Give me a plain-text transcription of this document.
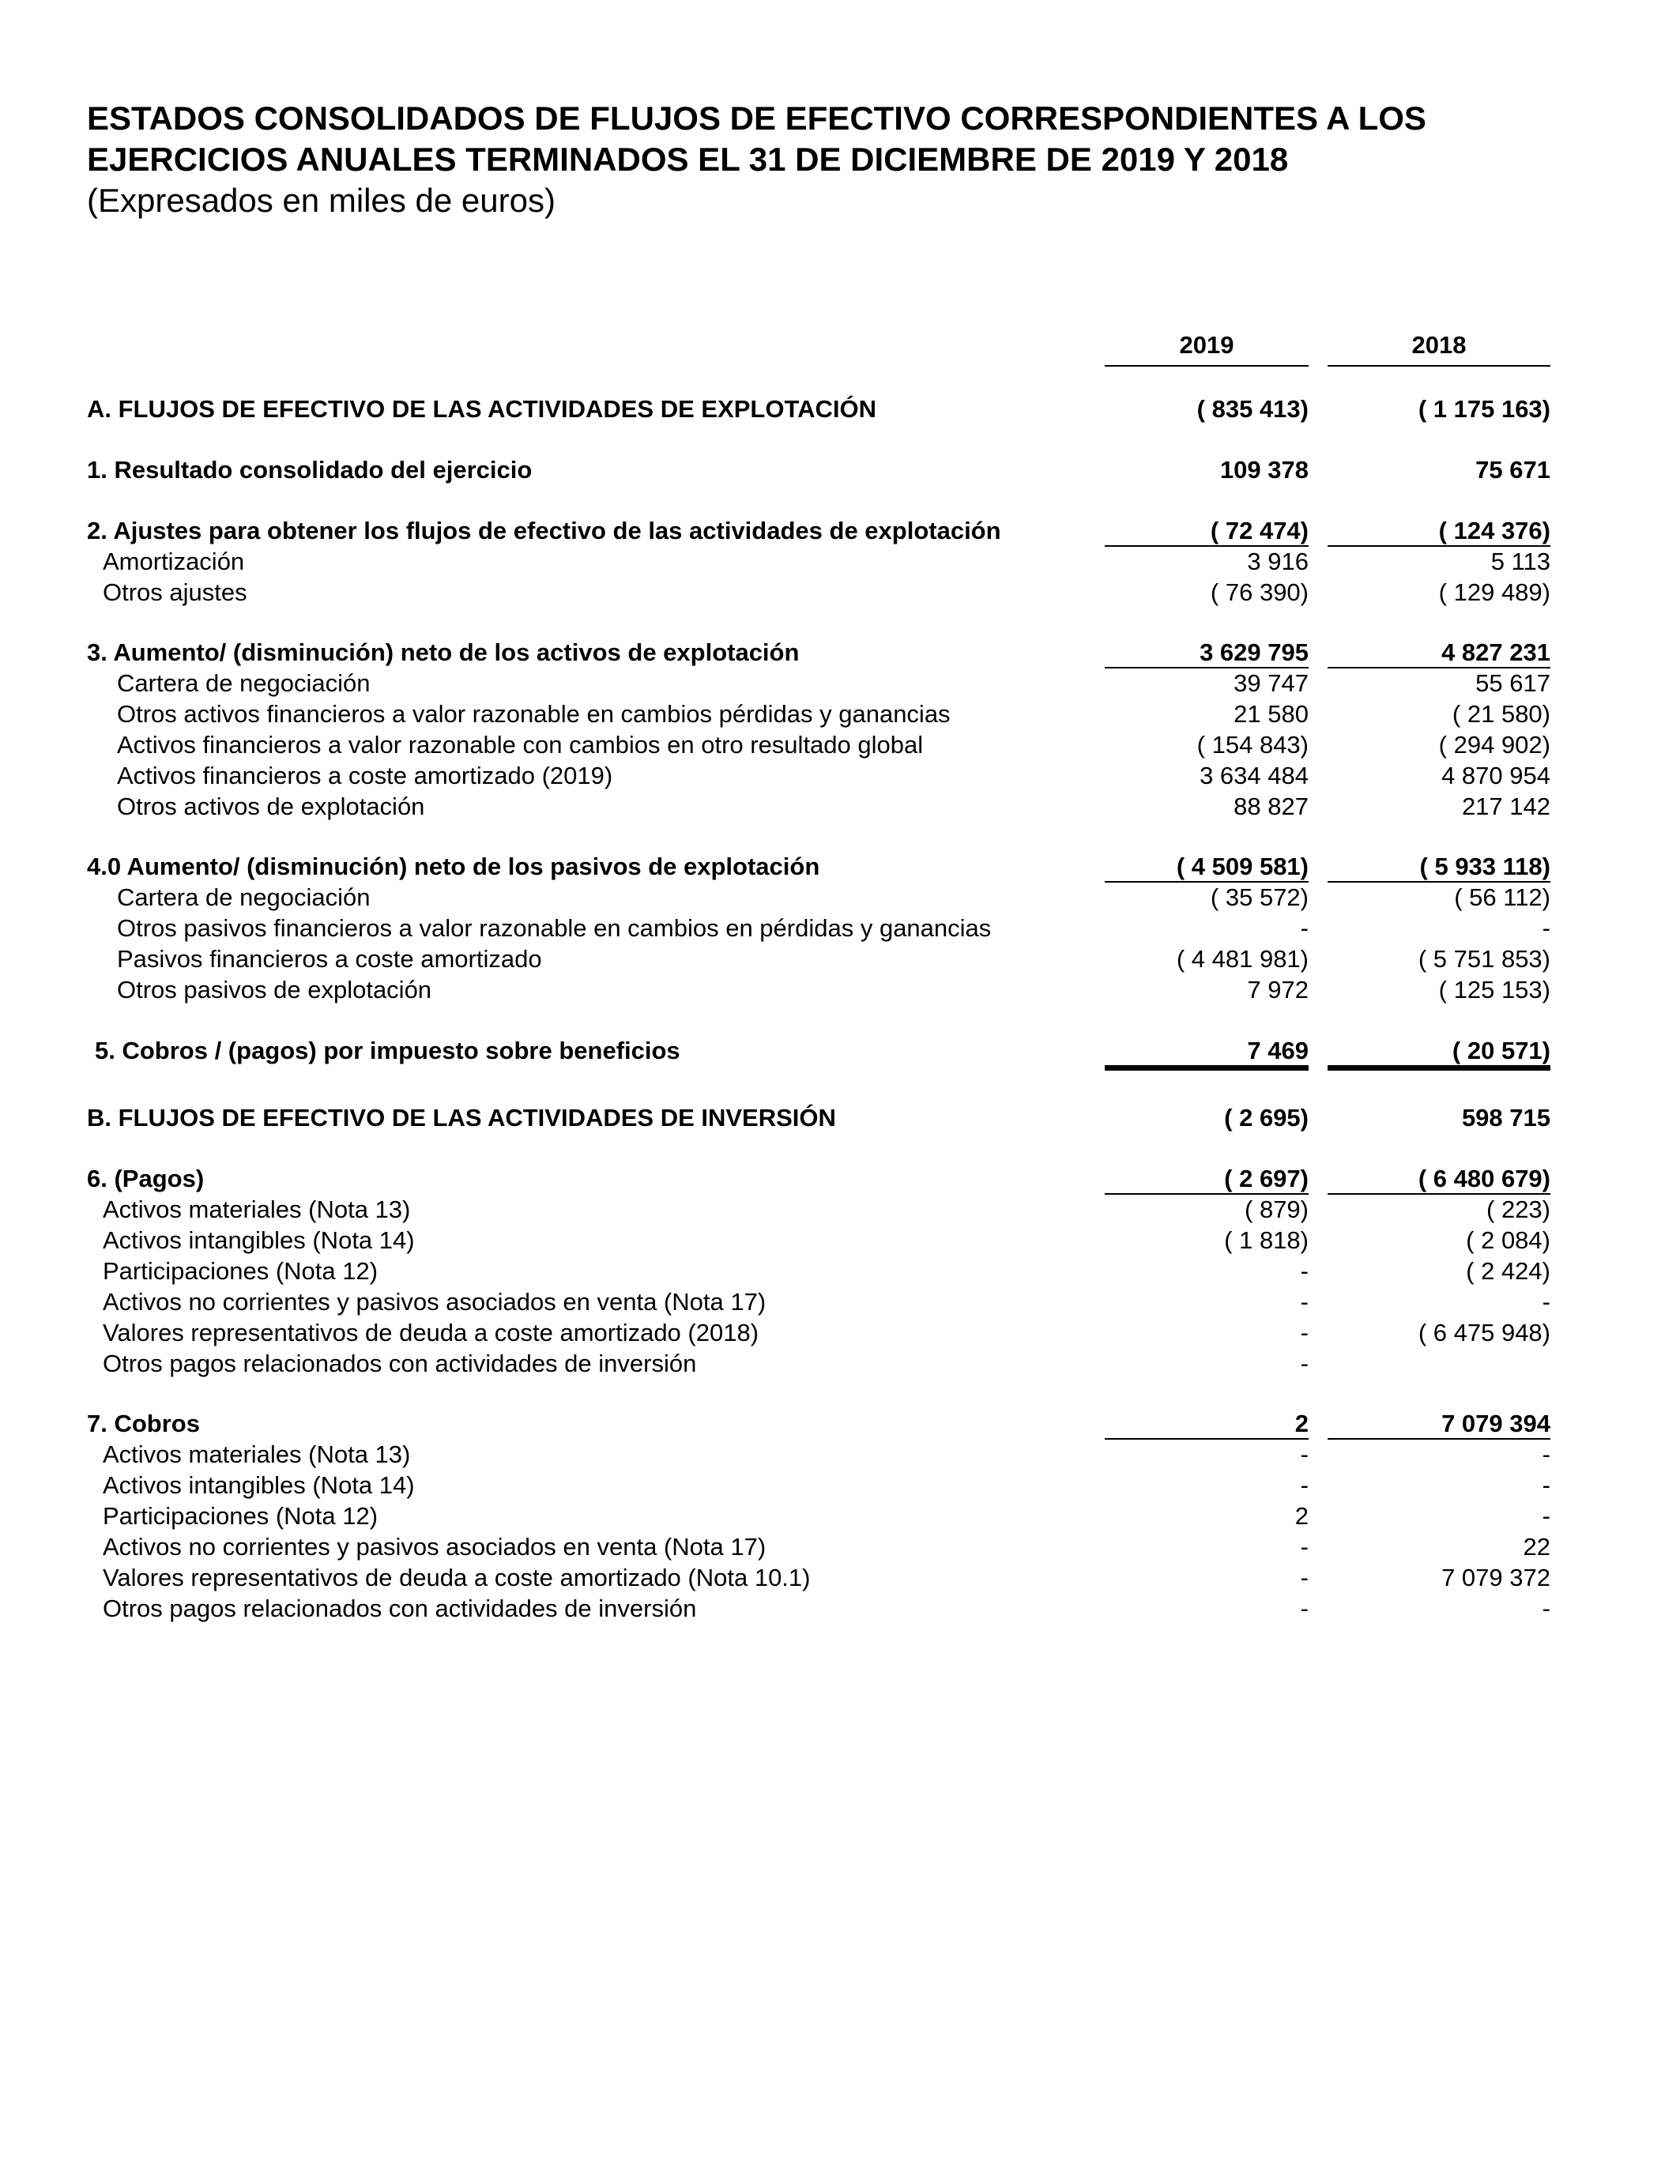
ESTADOS CONSOLIDADOS DE FLUJOS DE EFECTIVO CORRESPONDIENTES A LOS
EJERCICIOS ANUALES TERMINADOS EL 31 DE DICIEMBRE DE 2019 Y 2018

(Expresados en miles de euros)

2019	2018
A. FLUJOS DE EFECTIVO DE LAS ACTIVIDADES DE EXPLOTACIÓN	( 835 413)	( 1 175 163)
1. Resultado consolidado del ejercicio	109 378	75 671
2. Ajustes para obtener los flujos de efectivo de las actividades de explotación	( 72 474)	( 124 376)
Amortización	3 916	5 113
Otros ajustes	( 76 390)	( 129 489)
3. Aumento/ (disminución) neto de los activos de explotación	3 629 795	4 827 231
Cartera de negociación	39 747	55 617
Otros activos financieros a valor razonable en cambios pérdidas y ganancias	21 580	( 21 580)
Activos financieros a valor razonable con cambios en otro resultado global	( 154 843)	( 294 902)
Activos financieros a coste amortizado (2019)	3 634 484	4 870 954
Otros activos de explotación	88 827	217 142
4.0 Aumento/ (disminución) neto de los pasivos de explotación	( 4 509 581)	( 5 933 118)
Cartera de negociación	( 35 572)	( 56 112)
Otros pasivos financieros a valor razonable en cambios en pérdidas y ganancias	-	-
Pasivos financieros a coste amortizado	( 4 481 981)	( 5 751 853)
Otros pasivos de explotación	7 972	( 125 153)
5. Cobros / (pagos) por impuesto sobre beneficios	7 469	( 20 571)
B. FLUJOS DE EFECTIVO DE LAS ACTIVIDADES DE INVERSIÓN	( 2 695)	598 715
6. (Pagos)	( 2 697)	( 6 480 679)
Activos materiales (Nota 13)	( 879)	( 223)
Activos intangibles (Nota 14)	( 1 818)	( 2 084)
Participaciones (Nota 12)	-	( 2 424)
Activos no corrientes y pasivos asociados en venta (Nota 17)	-	-
Valores representativos de deuda a coste amortizado (2018)	-	( 6 475 948)
Otros pagos relacionados con actividades de inversión	-
7. Cobros	2	7 079 394
Activos materiales (Nota 13)	-	-
Activos intangibles (Nota 14)	-	-
Participaciones (Nota 12)	2	-
Activos no corrientes y pasivos asociados en venta (Nota 17)	-	22
Valores representativos de deuda a coste amortizado (Nota 10.1)	-	7 079 372
Otros pagos relacionados con actividades de inversión	-	-
